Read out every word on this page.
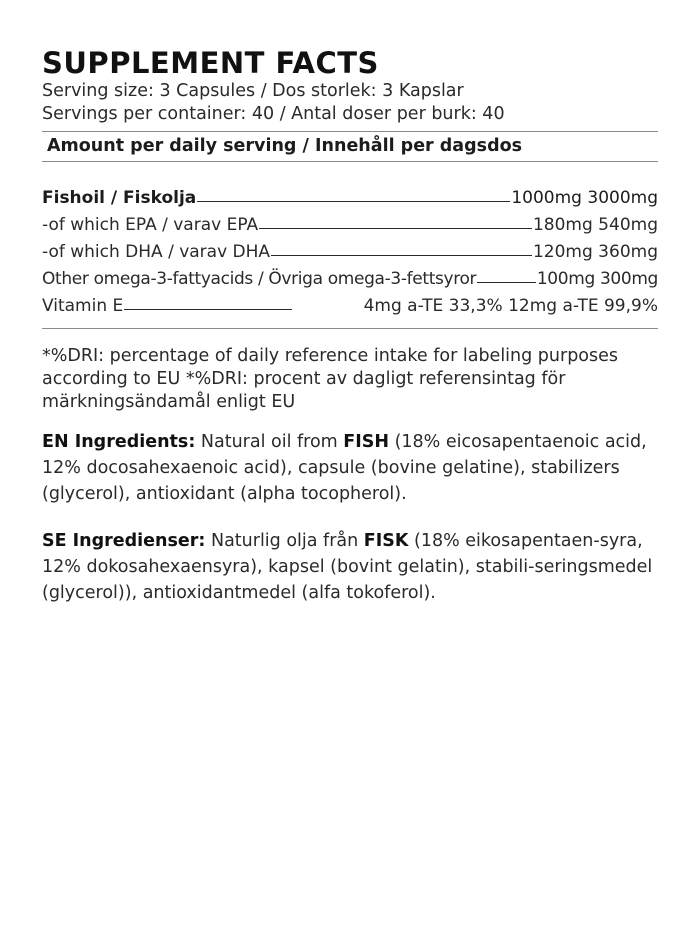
SUPPLEMENT FACTS
Serving size: 3 Capsules / Dos storlek: 3 Kapslar
Servings per container: 40 / Antal doser per burk: 40
Amount per daily serving / Innehåll per dagsdos
Fishoil / Fiskolja	1000mg 3000mg
-of which EPA / varav EPA	180mg 540mg
-of which DHA / varav DHA	120mg 360mg
Other omega-3-fattyacids / Övriga omega-3-fettsyror	100mg 300mg
Vitamin E	4mg a-TE 33,3% 12mg a-TE 99,9%
*%DRI: percentage of daily reference intake for labeling purposes according to EU *%DRI: procent av dagligt referensintag för märkningsändamål enligt EU
EN Ingredients: Natural oil from FISH (18% eicosapentaenoic acid, 12% docosahexaenoic acid), capsule (bovine gelatine), stabilizers (glycerol), antioxidant (alpha tocopherol).
SE Ingredienser: Naturlig olja från FISK (18% eikosapentaen-syra, 12% dokosahexaensyra), kapsel (bovint gelatin), stabili-seringsmedel (glycerol)), antioxidantmedel (alfa tokoferol).
